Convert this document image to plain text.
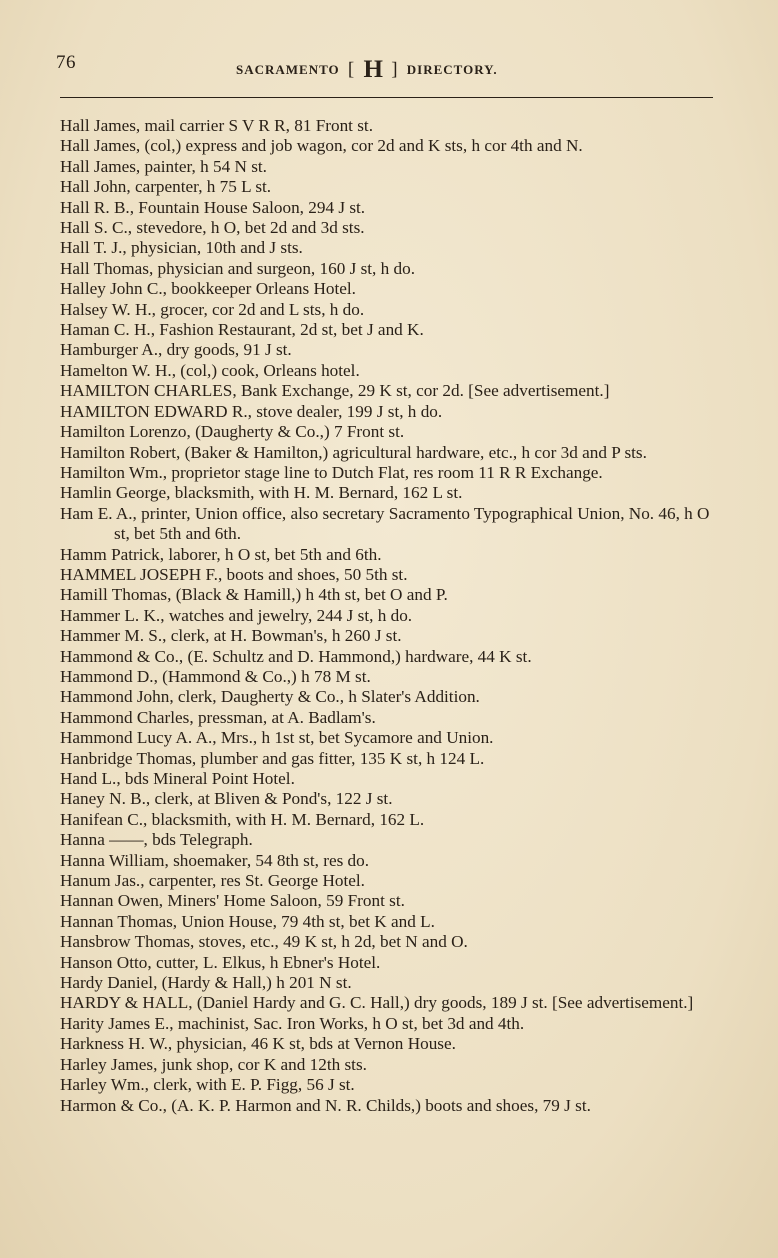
76	SACRAMENTO [ H ] DIRECTORY.
Hall James, mail carrier S V R R, 81 Front st.
Hall James, (col,) express and job wagon, cor 2d and K sts, h cor 4th and N.
Hall James, painter, h 54 N st.
Hall John, carpenter, h 75 L st.
Hall R. B., Fountain House Saloon, 294 J st.
Hall S. C., stevedore, h O, bet 2d and 3d sts.
Hall T. J., physician, 10th and J sts.
Hall Thomas, physician and surgeon, 160 J st, h do.
Halley John C., bookkeeper Orleans Hotel.
Halsey W. H., grocer, cor 2d and L sts, h do.
Haman C. H., Fashion Restaurant, 2d st, bet J and K.
Hamburger A., dry goods, 91 J st.
Hamelton W. H., (col,) cook, Orleans hotel.
HAMILTON CHARLES, Bank Exchange, 29 K st, cor 2d. [See advertisement.]
HAMILTON EDWARD R., stove dealer, 199 J st, h do.
Hamilton Lorenzo, (Daugherty & Co.,) 7 Front st.
Hamilton Robert, (Baker & Hamilton,) agricultural hardware, etc., h cor 3d and P sts.
Hamilton Wm., proprietor stage line to Dutch Flat, res room 11 R R Exchange.
Hamlin George, blacksmith, with H. M. Bernard, 162 L st.
Ham E. A., printer, Union office, also secretary Sacramento Typographical Union, No. 46, h O st, bet 5th and 6th.
Hamm Patrick, laborer, h O st, bet 5th and 6th.
HAMMEL JOSEPH F., boots and shoes, 50 5th st.
Hamill Thomas, (Black & Hamill,) h 4th st, bet O and P.
Hammer L. K., watches and jewelry, 244 J st, h do.
Hammer M. S., clerk, at H. Bowman's, h 260 J st.
Hammond & Co., (E. Schultz and D. Hammond,) hardware, 44 K st.
Hammond D., (Hammond & Co.,) h 78 M st.
Hammond John, clerk, Daugherty & Co., h Slater's Addition.
Hammond Charles, pressman, at A. Badlam's.
Hammond Lucy A. A., Mrs., h 1st st, bet Sycamore and Union.
Hanbridge Thomas, plumber and gas fitter, 135 K st, h 124 L.
Hand L., bds Mineral Point Hotel.
Haney N. B., clerk, at Bliven & Pond's, 122 J st.
Hanifean C., blacksmith, with H. M. Bernard, 162 L.
Hanna ——, bds Telegraph.
Hanna William, shoemaker, 54 8th st, res do.
Hanum Jas., carpenter, res St. George Hotel.
Hannan Owen, Miners' Home Saloon, 59 Front st.
Hannan Thomas, Union House, 79 4th st, bet K and L.
Hansbrow Thomas, stoves, etc., 49 K st, h 2d, bet N and O.
Hanson Otto, cutter, L. Elkus, h Ebner's Hotel.
Hardy Daniel, (Hardy & Hall,) h 201 N st.
HARDY & HALL, (Daniel Hardy and G. C. Hall,) dry goods, 189 J st. [See advertisement.]
Harity James E., machinist, Sac. Iron Works, h O st, bet 3d and 4th.
Harkness H. W., physician, 46 K st, bds at Vernon House.
Harley James, junk shop, cor K and 12th sts.
Harley Wm., clerk, with E. P. Figg, 56 J st.
Harmon & Co., (A. K. P. Harmon and N. R. Childs,) boots and shoes, 79 J st.
